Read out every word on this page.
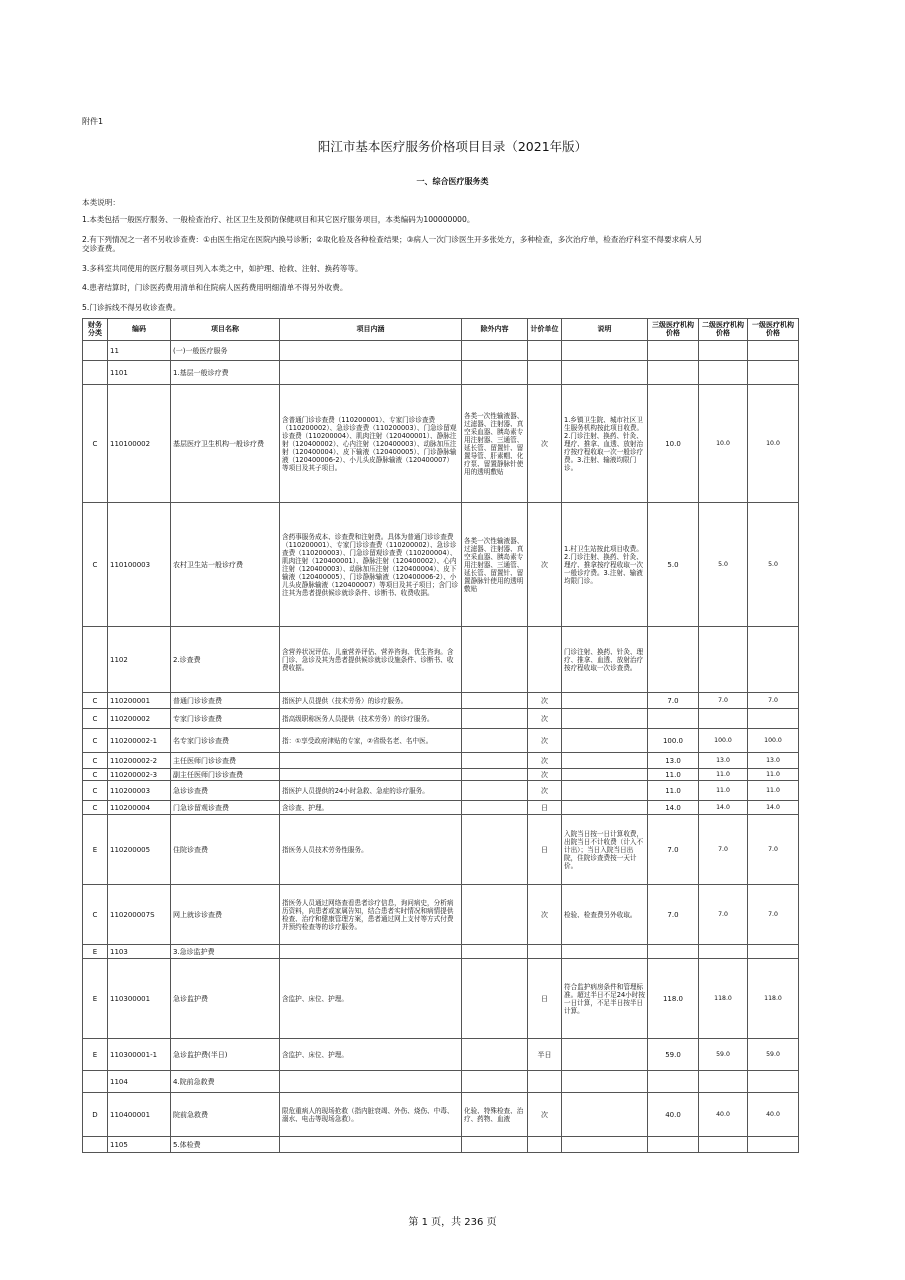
附件1
阳江市基本医疗服务价格项目目录（2021年版）
一、综合医疗服务类
本类说明：
1.本类包括一般医疗服务、一般检查治疗、社区卫生及预防保健项目和其它医疗服务项目，本类编码为100000000。
2.有下列情况之一者不另收诊查费：①由医生指定在医院内换号诊断；②取化验及各种检查结果；③病人一次门诊医生开多张处方，多种检查，多次治疗单，检查治疗科室不得要求病人另交诊查费。
3.多科室共同使用的医疗服务项目列入本类之中，如护理、抢救、注射、换药等等。
4.患者结算时，门诊医药费用清单和住院病人医药费用明细清单不得另外收费。
5.门诊拆线不得另收诊查费。
财务分类	编码	项目名称	项目内涵	除外内容	计价单位	说明	三级医疗机构价格	二级医疗机构价格	一级医疗机构价格
	11	(一)一般医疗服务							
	1101	1.基层一般诊疗费							
C	110100002	基层医疗卫生机构一般诊疗费	含普通门诊诊查费（110200001）、专家门诊诊查费（110200002）、急诊诊查费（110200003）、门急诊留观诊查费（110200004）、肌肉注射（120400001）、静脉注射（120400002）、心内注射（120400003）、动脉加压注射（120400004）、皮下输液（120400005）、门诊静脉输液（120400006-2）、小儿头皮静脉输液（120400007）等项目及其子项目。	各类一次性输液器、过滤器、注射器、真空采血器、胰岛素专用注射器、三通管、延长管、留置针、留置导管、肝素帽、化疗泵、留置静脉针使用的透明敷贴	次	1.乡镇卫生院、城市社区卫生服务机构按此项目收费。2.门诊注射、换药、针灸、理疗、推拿、血透、放射治疗按疗程收取一次一般诊疗费。3.注射、输液均限门诊。	10.0	10.0	10.0
C	110100003	农村卫生站一般诊疗费	含药事服务成本、诊查费和注射费。具体为普通门诊诊查费（110200001）、专家门诊诊查费（110200002）、急诊诊查费（110200003）、门急诊留观诊查费（110200004）、肌肉注射（120400001）、静脉注射（120400002）、心内注射（120400003）、动脉加压注射（120400004）、皮下输液（120400005）、门诊静脉输液（120400006-2）、小儿头皮静脉输液（120400007）等项目及其子项目；含门诊注其为患者提供候诊就诊条件、诊断书、收费收据。	各类一次性输液器、过滤器、注射器、真空采血器、胰岛素专用注射器、三通管、延长管、留置针、留置静脉针使用的透明敷贴	次	1.村卫生站按此项目收费。2.门诊注射、换药、针灸、理疗、推拿按疗程收取一次一般诊疗费。3.注射、输液均限门诊。	5.0	5.0	5.0
	1102	2.诊查费	含营养状况评估、儿童营养评估、营养咨询、优生咨询。含门诊、急诊及其为患者提供候诊就诊设施条件、诊断书、收费收据。			门诊注射、换药、针灸、理疗、推拿、血透、放射治疗按疗程收取一次诊查费。			
C	110200001	普通门诊诊查费	指医护人员提供（技术劳务）的诊疗服务。		次		7.0	7.0	7.0
C	110200002	专家门诊诊查费	指高级职称医务人员提供（技术劳务）的诊疗服务。		次				
C	110200002-1	名专家门诊诊查费	指：①享受政府津贴的专家，②省级名老、名中医。		次		100.0	100.0	100.0
C	110200002-2	主任医师门诊诊查费			次		13.0	13.0	13.0
C	110200002-3	副主任医师门诊诊查费			次		11.0	11.0	11.0
C	110200003	急诊诊查费	指医护人员提供的24小时急救、急症的诊疗服务。		次		11.0	11.0	11.0
C	110200004	门急诊留观诊查费	含诊查、护理。		日		14.0	14.0	14.0
E	110200005	住院诊查费	指医务人员技术劳务性服务。		日	入院当日按一日计算收费，出院当日不计收费（计入不计出）；当日入院当日出院，住院诊查费按一天计价。	7.0	7.0	7.0
C	110200007S	网上就诊诊查费	指医务人员通过网络查看患者诊疗信息，询问病史，分析病历资料，向患者或家属告知，结合患者实时情况和病情提供检查、治疗和健康管理方案，患者通过网上支付等方式付费并预约检查等的诊疗服务。		次	检验、检查费另外收取。	7.0	7.0	7.0
E	1103	3.急诊监护费							
E	110300001	急诊监护费	含监护、床位、护理。		日	符合监护病房条件和管理标准。超过半日不足24小时按一日计算，不足半日按半日计算。	118.0	118.0	118.0
E	110300001-1	急诊监护费(半日)	含监护、床位、护理。		半日		59.0	59.0	59.0
	1104	4.院前急救费							
D	110400001	院前急救费	限危重病人的现场抢救（指内脏衰竭、外伤、烧伤、中毒、溺水、电击等现场急救）。	化验、特殊检查、治疗、药物、血液	次		40.0	40.0	40.0
	1105	5.体检费							
第 1 页，共 236 页
